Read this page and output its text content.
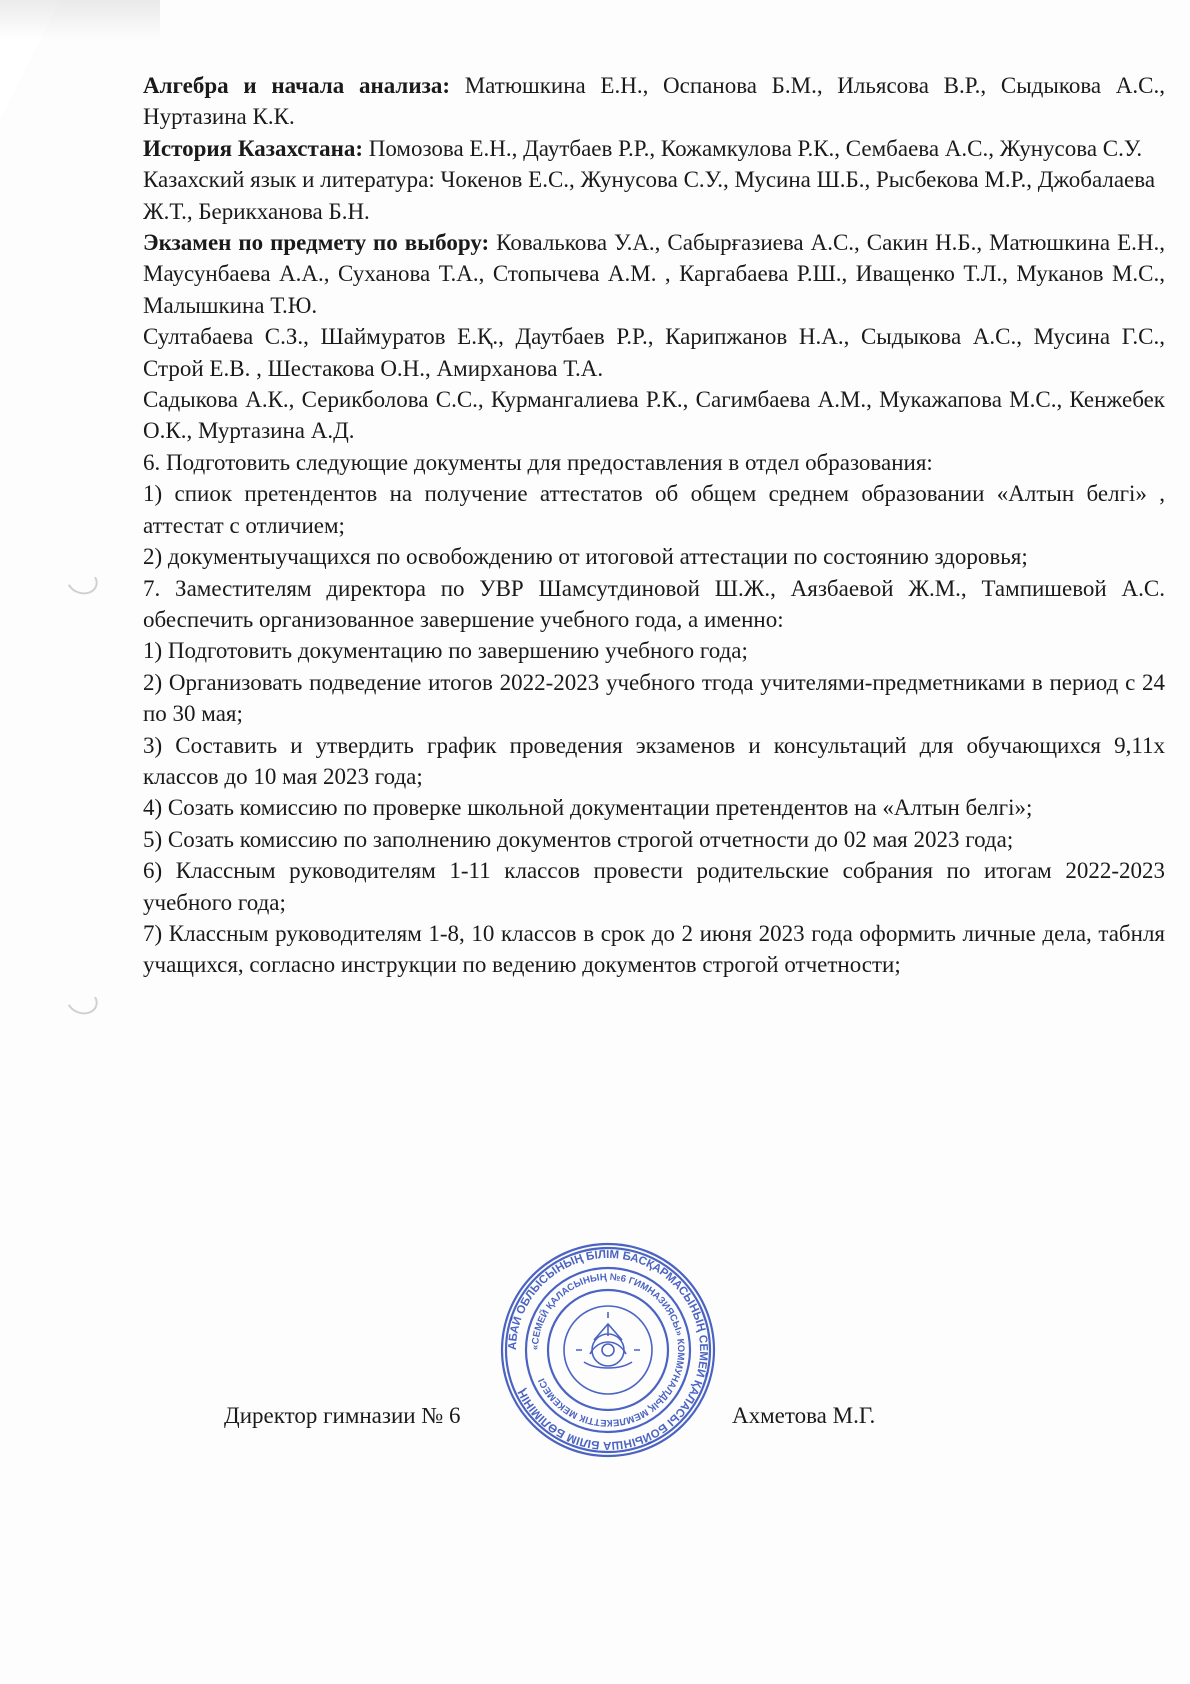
Алгебра и начала анализа: Матюшкина Е.Н., Оспанова Б.М., Ильясова В.Р., Сыдыкова А.С., Нуртазина К.К.

История Казахстана: Помозова Е.Н., Даутбаев Р.Р., Кожамкулова Р.К., Сембаева А.С., Жунусова С.У.

Казахский язык и литература: Чокенов Е.С., Жунусова С.У., Мусина Ш.Б., Рысбекова М.Р., Джобалаева Ж.Т., Берикханова Б.Н.

Экзамен по предмету по выбору: Ковалькова У.А., Сабырғазиева А.С., Сакин Н.Б., Матюшкина Е.Н., Маусунбаева А.А., Суханова Т.А., Стопычева А.М. , Каргабаева Р.Ш., Иващенко Т.Л., Муканов М.С., Малышкина Т.Ю.

Султабаева С.З., Шаймуратов Е.Қ., Даутбаев Р.Р., Карипжанов Н.А., Сыдыкова А.С., Мусина Г.С., Строй Е.В. , Шестакова О.Н., Амирханова Т.А.

Садыкова А.К., Серикболова С.С., Курмангалиева Р.К., Сагимбаева А.М., Мукажапова М.С., Кенжебек О.К., Муртазина А.Д.

6. Подготовить следующие документы для предоставления в отдел образования:

1) спиок претендентов на получение аттестатов об общем среднем образовании «Алтын белгі» , аттестат с отличием;

2) документыучащихся по освобождению от итоговой аттестации по состоянию здоровья;

7. Заместителям директора по УВР Шамсутдиновой Ш.Ж., Аязбаевой Ж.М., Тампишевой А.С. обеспечить организованное завершение учебного года, а именно:

1) Подготовить документацию по завершению учебного года;

2) Организовать подведение итогов 2022-2023 учебного тгода учителями-предметниками в период с 24 по 30 мая;

3) Составить и утвердить график проведения экзаменов и консультаций для обучающихся 9,11х классов до 10 мая 2023 года;

4) Созать комиссию по проверке школьной документации претендентов на «Алтын белгі»;

5) Созать комиссию по заполнению документов строгой отчетности до 02 мая 2023 года;

6) Классным руководителям 1-11 классов провести родительские собрания по итогам 2022-2023 учебного года;

7) Классным руководителям 1-8, 10 классов в срок до 2 июня 2023 года оформить личные дела, табнля учащихся, согласно инструкции по ведению документов строгой отчетности;

АБАЙ ОБЛЫСЫНЫҢ БІЛІМ БАСҚАРМАСЫНЫҢ СЕМЕЙ ҚАЛАСЫ БОЙЫНША БІЛІМ БӨЛІМІНІҢ
«СЕМЕЙ ҚАЛАСЫНЫҢ №6 ГИМНАЗИЯСЫ» КОММУНАЛДЫҚ МЕМЛЕКЕТТІК МЕКЕМЕСІ
Директор гимназии № 6	Ахметова М.Г.
